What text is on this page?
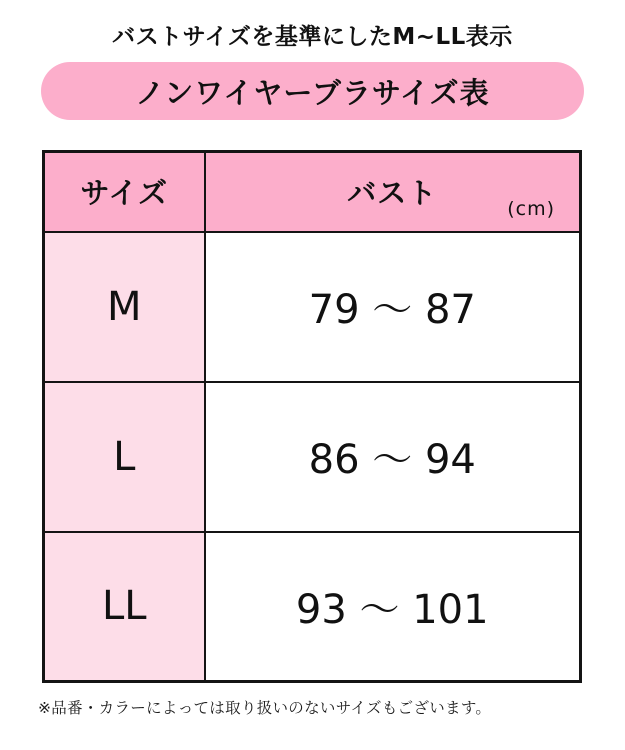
バストサイズを基準にしたM~LL表示
ノンワイヤーブラサイズ表
サイズ	バスト (cm)

M	79 〜 87
L	86 〜 94
LL	93 〜 101
※品番・カラーによっては取り扱いのないサイズもございます。
